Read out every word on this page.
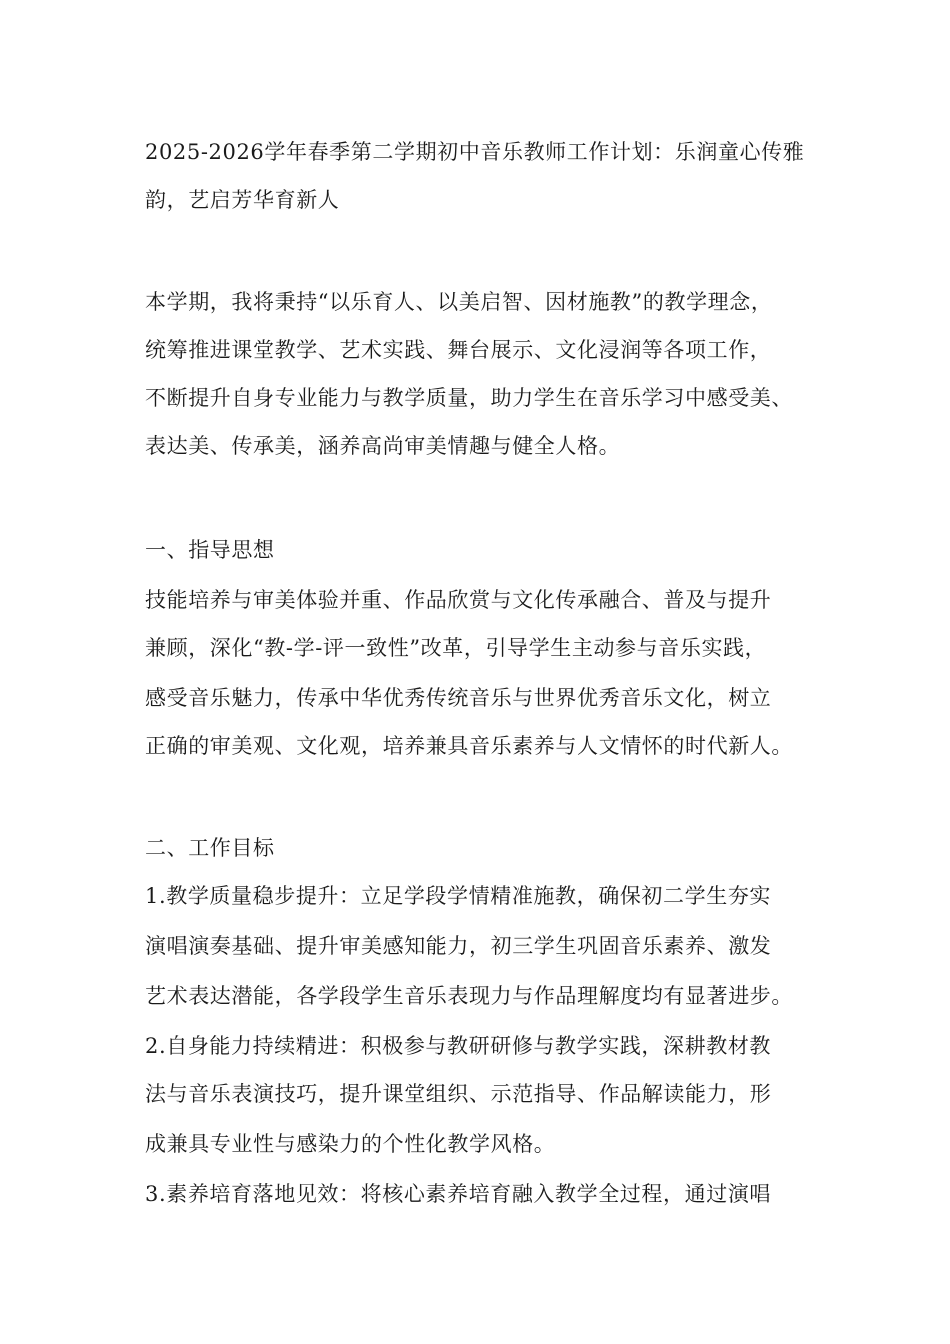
2025-2026学年春季第二学期初中音乐教师工作计划：乐润童心传雅
韵，艺启芳华育新人
本学期，我将秉持“以乐育人、以美启智、因材施教”的教学理念，
统筹推进课堂教学、艺术实践、舞台展示、文化浸润等各项工作，
不断提升自身专业能力与教学质量，助力学生在音乐学习中感受美、
表达美、传承美，涵养高尚审美情趣与健全人格。
一、指导思想
技能培养与审美体验并重、作品欣赏与文化传承融合、普及与提升
兼顾，深化“教-学-评一致性”改革，引导学生主动参与音乐实践，
感受音乐魅力，传承中华优秀传统音乐与世界优秀音乐文化，树立
正确的审美观、文化观，培养兼具音乐素养与人文情怀的时代新人。
二、工作目标
1.教学质量稳步提升：立足学段学情精准施教，确保初二学生夯实
演唱演奏基础、提升审美感知能力，初三学生巩固音乐素养、激发
艺术表达潜能，各学段学生音乐表现力与作品理解度均有显著进步。
2.自身能力持续精进：积极参与教研研修与教学实践，深耕教材教
法与音乐表演技巧，提升课堂组织、示范指导、作品解读能力，形
成兼具专业性与感染力的个性化教学风格。
3.素养培育落地见效：将核心素养培育融入教学全过程，通过演唱
